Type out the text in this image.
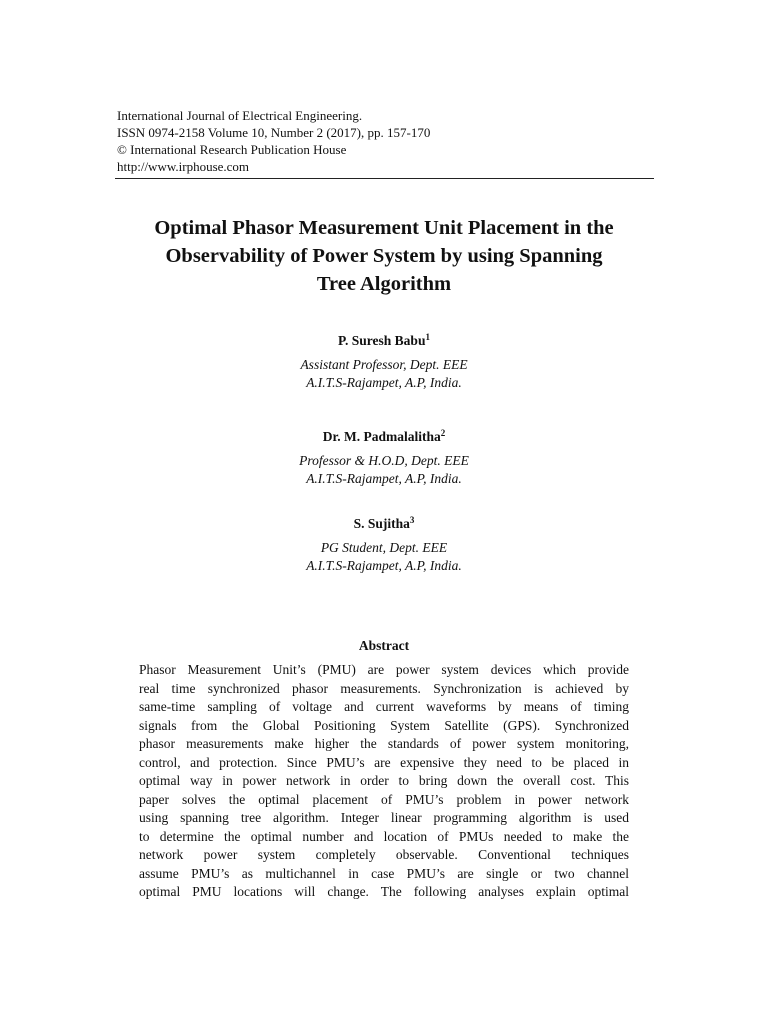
International Journal of Electrical Engineering.
ISSN 0974-2158 Volume 10, Number 2 (2017), pp. 157-170
© International Research Publication House
http://www.irphouse.com
Optimal Phasor Measurement Unit Placement in the
Observability of Power System by using Spanning
Tree Algorithm
P. Suresh Babu$^1$
Assistant Professor, Dept. EEE
A.I.T.S-Rajampet, A.P, India.
Dr. M. Padmalalitha$^2$
Professor & H.O.D, Dept. EEE
A.I.T.S-Rajampet, A.P, India.
S. Sujitha$^3$
PG Student, Dept. EEE
A.I.T.S-Rajampet, A.P, India.
Abstract
Phasor Measurement Unit’s (PMU) are power system devices which provide
real time synchronized phasor measurements. Synchronization is achieved by
same-time sampling of voltage and current waveforms by means of timing
signals from the Global Positioning System Satellite (GPS). Synchronized
phasor measurements make higher the standards of power system monitoring,
control, and protection. Since PMU’s are expensive they need to be placed in
optimal way in power network in order to bring down the overall cost. This
paper solves the optimal placement of PMU’s problem in power network
using spanning tree algorithm. Integer linear programming algorithm is used
to determine the optimal number and location of PMUs needed to make the
network power system completely observable. Conventional techniques
assume PMU’s as multichannel in case PMU’s are single or two channel
optimal PMU locations will change. The following analyses explain optimal
